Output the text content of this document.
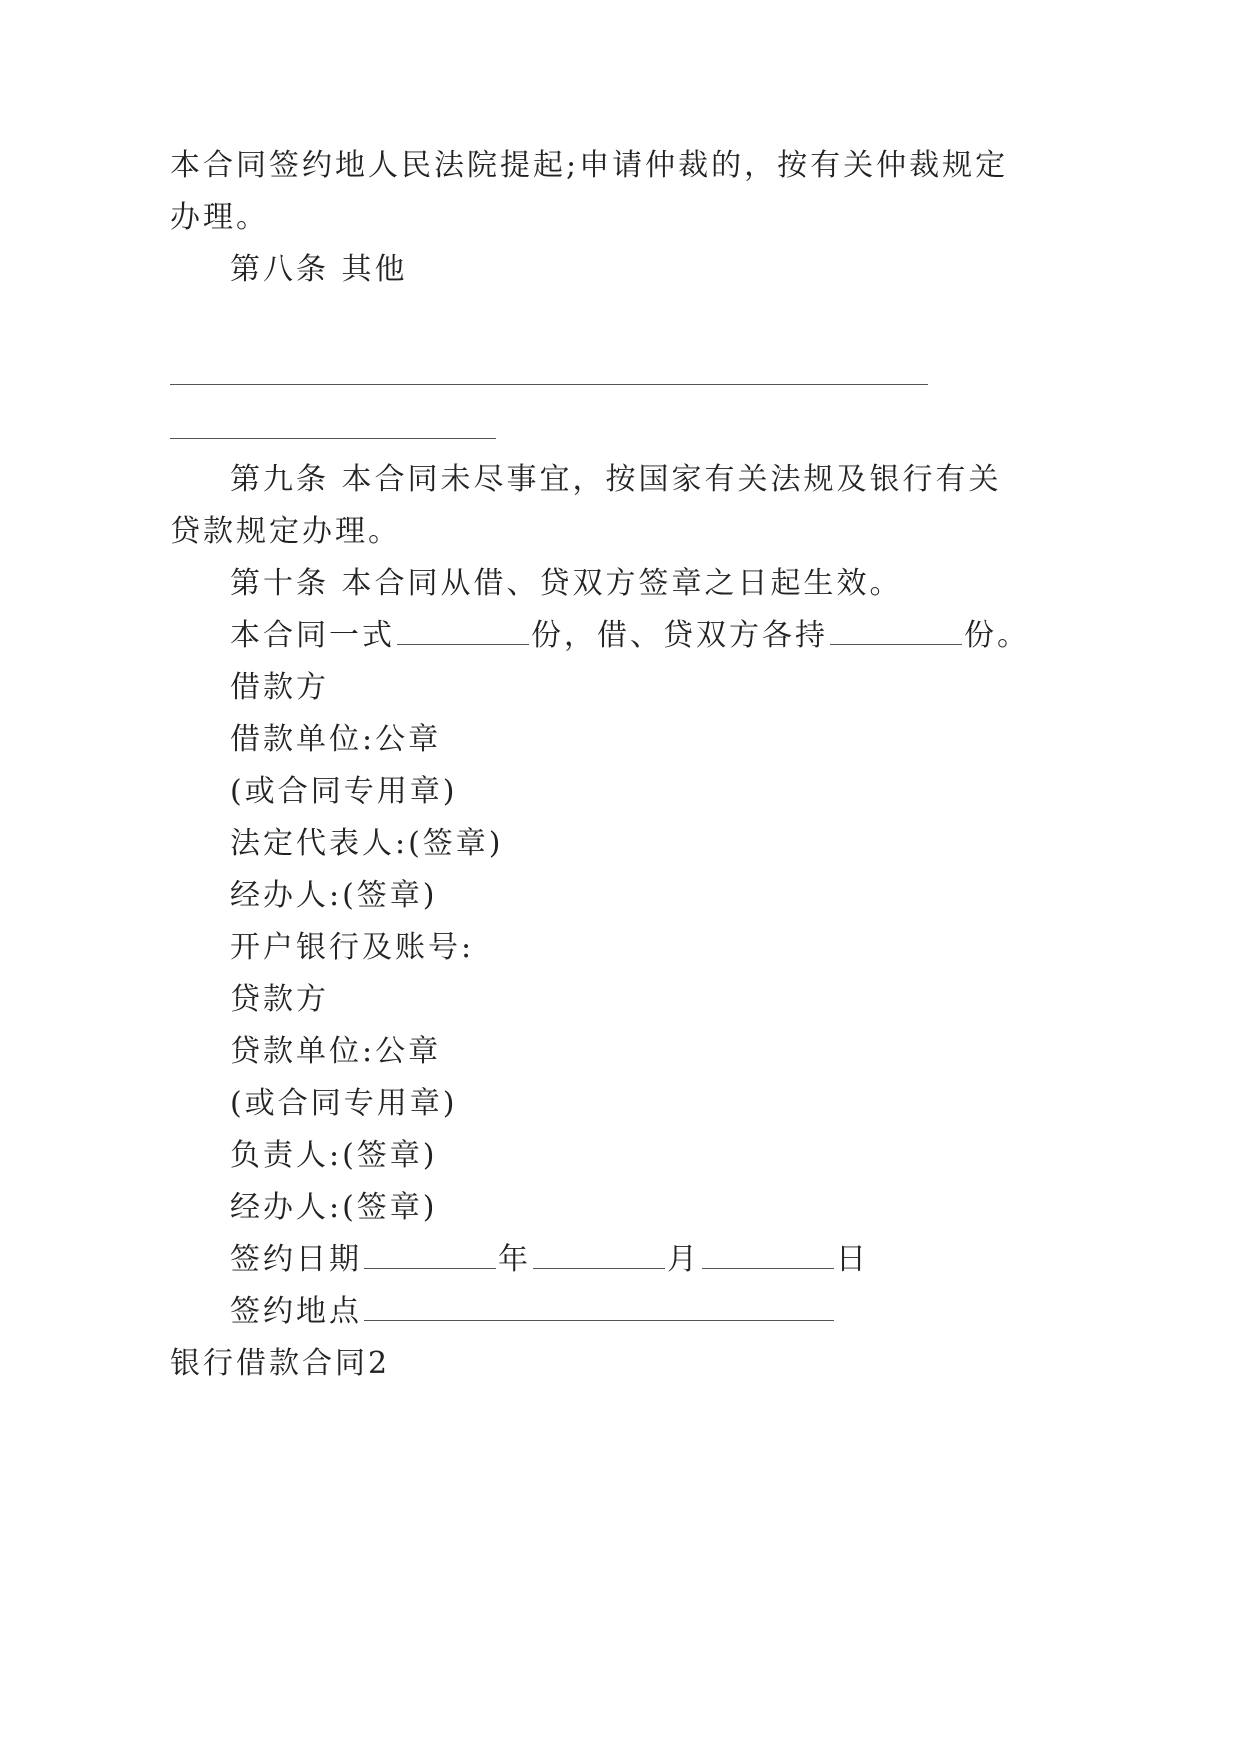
本合同签约地人民法院提起;申请仲裁的，按有关仲裁规定
办理。
第八条 其他
第九条 本合同未尽事宜，按国家有关法规及银行有关
贷款规定办理。
第十条 本合同从借、贷双方签章之日起生效。
本合同一式	份，借、贷双方各持	份。
借款方
借款单位:公章
(或合同专用章)
法定代表人:(签章)
经办人:(签章)
开户银行及账号:
贷款方
贷款单位:公章
(或合同专用章)
负责人:(签章)
经办人:(签章)
签约日期	年	月	日
签约地点
银行借款合同2
